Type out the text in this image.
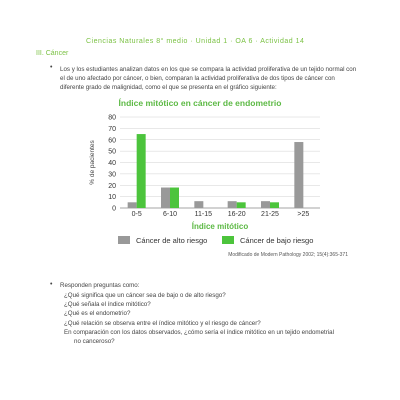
Ciencias Naturales 8° medio · Unidad 1 · OA 6 · Actividad 14
III. Cáncer
• Los y los estudiantes analizan datos en los que se compara la actividad proliferativa de un tejido normal con el de uno afectado por cáncer, o bien, comparan la actividad proliferativa de dos tipos de cáncer con diferente grado de malignidad, como el que se presenta en el gráfico siguiente:
Índice mitótico en cáncer de endometrio
0
10
20
30
40
50
60
70
80
0-5	6-10	11-15 16-20 21-25	>25
% de pacientes
Índice mitótico
Cáncer de alto riesgo	Cáncer de bajo riesgo
Modificado de Modern Pathology 2002; 15(4):365-371
• Responden preguntas como:
¿Qué significa que un cáncer sea de bajo o de alto riesgo?
¿Qué señala el índice mitótico?
¿Qué es el endometrio?
¿Qué relación se observa entre el índice mitótico y el riesgo de cáncer?
En comparación con los datos observados, ¿cómo sería el índice mitótico en un tejido endometrial
no canceroso?
